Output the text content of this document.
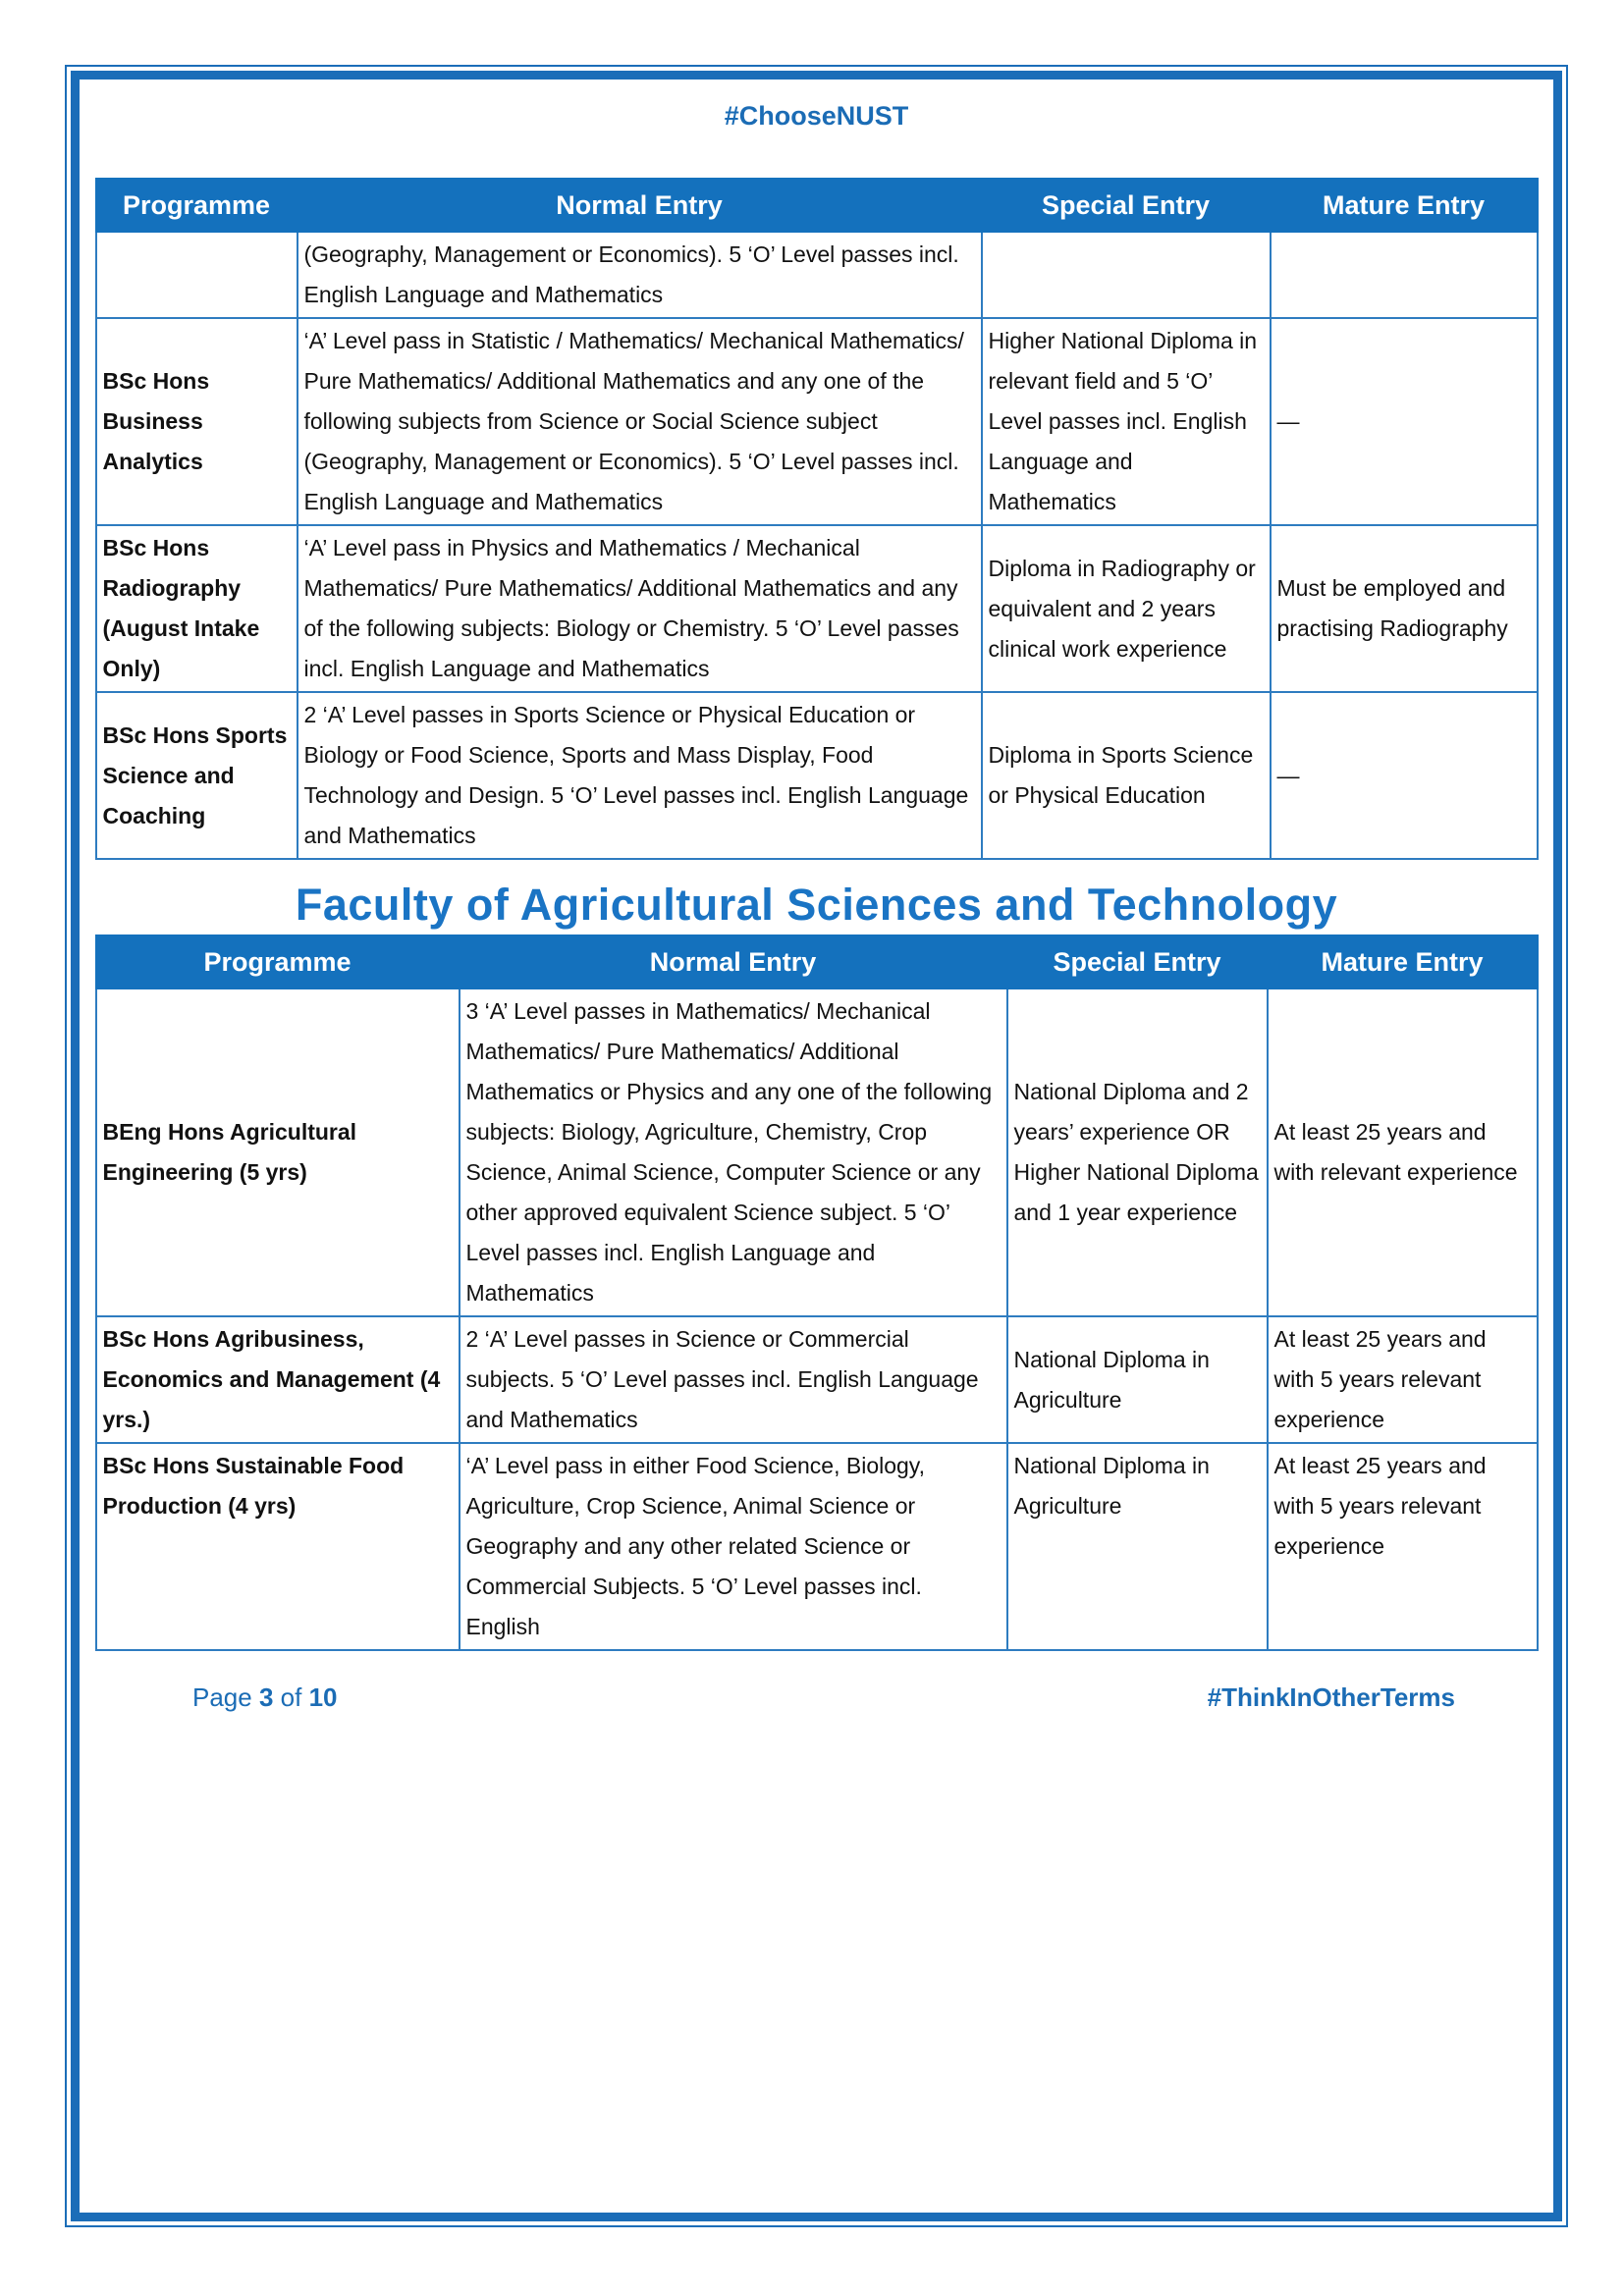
#ChooseNUST
Programme	Normal Entry	Special Entry	Mature Entry
	(Geography, Management or Economics). 5 ‘O’ Level passes incl. English Language and Mathematics		
BSc Hons Business Analytics	‘A’ Level pass in Statistic / Mathematics/ Mechanical Mathematics/ Pure Mathematics/ Additional Mathematics and any one of the following subjects from Science or Social Science subject (Geography, Management or Economics). 5 ‘O’ Level passes incl. English Language and Mathematics	Higher National Diploma in relevant field and 5 ‘O’ Level passes incl. English Language and Mathematics	—
BSc Hons Radiography (August Intake Only)	‘A’ Level pass in Physics and Mathematics / Mechanical Mathematics/ Pure Mathematics/ Additional Mathematics and any of the following subjects: Biology or Chemistry. 5 ‘O’ Level passes incl. English Language and Mathematics	Diploma in Radiography or equivalent and 2 years clinical work experience	Must be employed and practising Radiography
BSc Hons Sports Science and Coaching	2 ‘A’ Level passes in Sports Science or Physical Education or Biology or Food Science, Sports and Mass Display, Food Technology and Design. 5 ‘O’ Level passes incl. English Language and Mathematics	Diploma in Sports Science or Physical Education	—
Faculty of Agricultural Sciences and Technology
Programme	Normal Entry	Special Entry	Mature Entry
BEng Hons Agricultural Engineering (5 yrs)	3 ‘A’ Level passes in Mathematics/ Mechanical Mathematics/ Pure Mathematics/ Additional Mathematics or Physics and any one of the following subjects: Biology, Agriculture, Chemistry, Crop Science, Animal Science, Computer Science or any other approved equivalent Science subject. 5 ‘O’ Level passes incl. English Language and Mathematics	National Diploma and 2 years’ experience OR Higher National Diploma and 1 year experience	At least 25 years and with relevant experience
BSc Hons Agribusiness, Economics and Management (4 yrs.)	2 ‘A’ Level passes in Science or Commercial subjects. 5 ‘O’ Level passes incl. English Language and Mathematics	National Diploma in Agriculture	At least 25 years and with 5 years relevant experience
BSc Hons Sustainable Food Production (4 yrs)	‘A’ Level pass in either Food Science, Biology, Agriculture, Crop Science, Animal Science or Geography and any other related Science or Commercial Subjects. 5 ‘O’ Level passes incl. English	National Diploma in Agriculture	At least 25 years and with 5 years relevant experience
Page 3 of 10	#ThinkInOtherTerms
